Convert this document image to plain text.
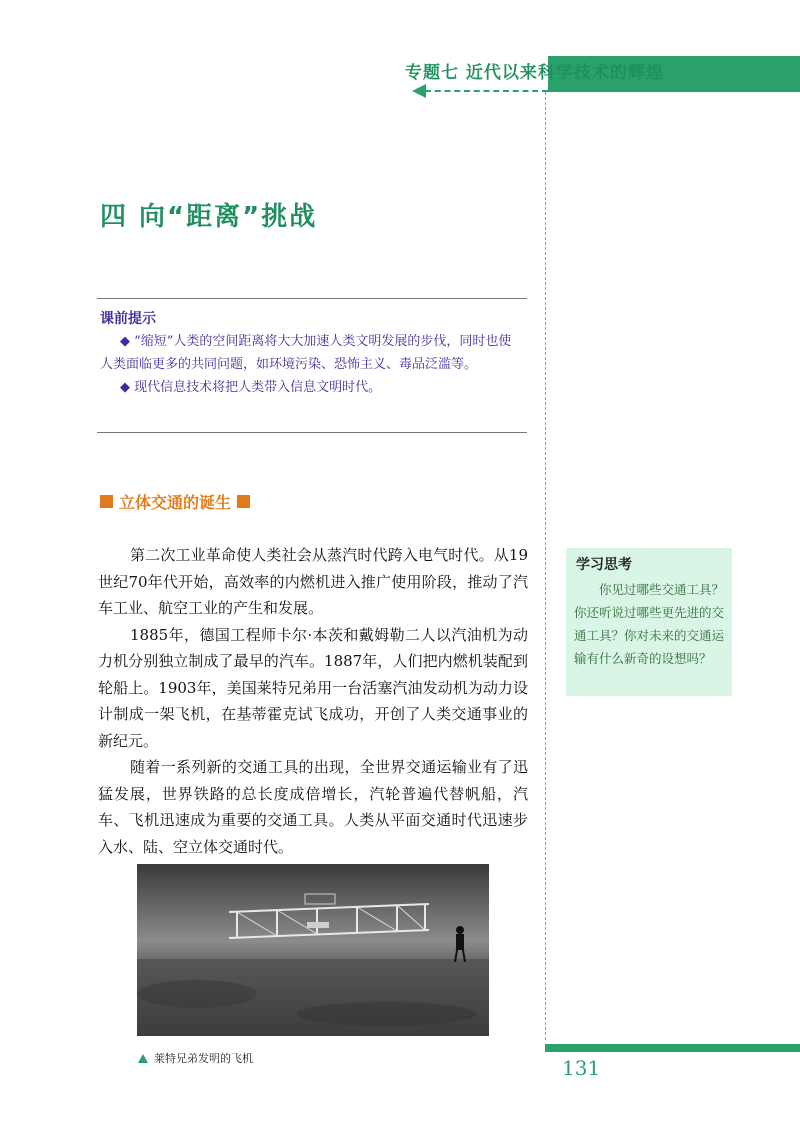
专题七 近代以来科学技术的辉煌
四 向“距离”挑战
课前提示

◆ “缩短”人类的空间距离将大大加速人类文明发展的步伐，同时也使人类面临更多的共同问题，如环境污染、恐怖主义、毒品泛滥等。

◆ 现代信息技术将把人类带入信息文明时代。

立体交通的诞生

第二次工业革命使人类社会从蒸汽时代跨入电气时代。从19世纪70年代开始，高效率的内燃机进入推广使用阶段，推动了汽车工业、航空工业的产生和发展。

1885年，德国工程师卡尔·本茨和戴姆勒二人以汽油机为动力机分别独立制成了最早的汽车。1887年，人们把内燃机装配到轮船上。1903年，美国莱特兄弟用一台活塞汽油发动机为动力设计制成一架飞机，在基蒂霍克试飞成功，开创了人类交通事业的新纪元。

随着一系列新的交通工具的出现，全世界交通运输业有了迅猛发展，世界铁路的总长度成倍增长，汽轮普遍代替帆船，汽车、飞机迅速成为重要的交通工具。人类从平面交通时代迅速步入水、陆、空立体交通时代。

学习思考
你见过哪些交通工具？你还听说过哪些更先进的交通工具？你对未来的交通运输有什么新奇的设想吗？
莱特兄弟发明的飞机	131
